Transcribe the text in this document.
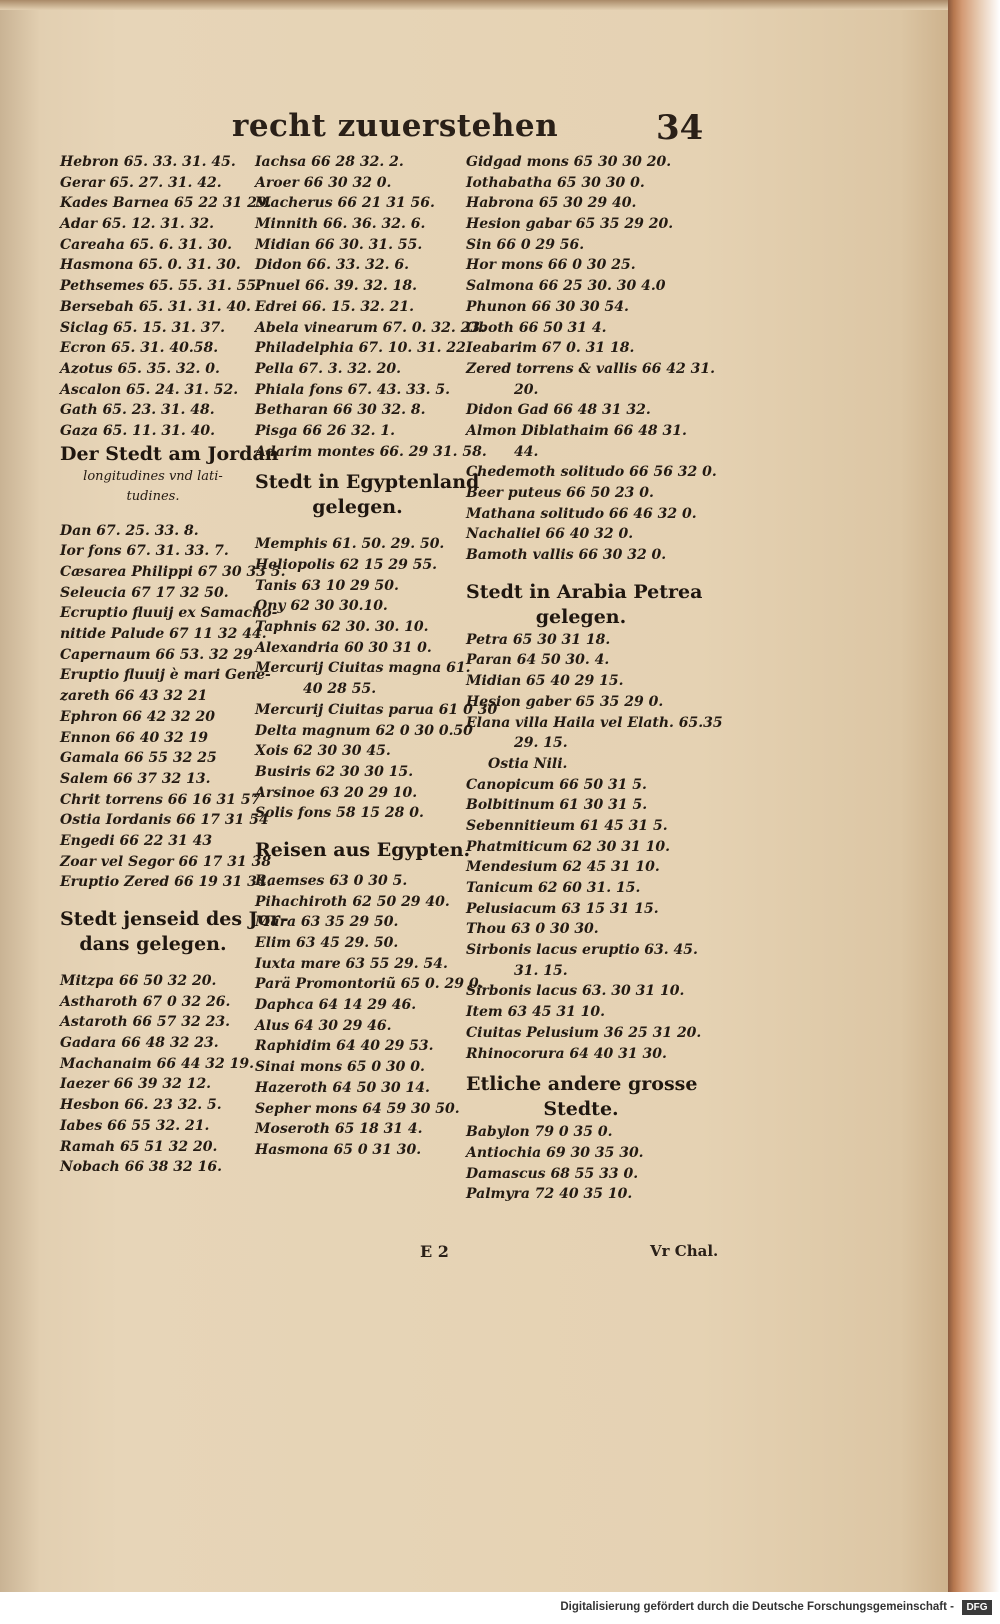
recht zuuerstehen	34
Hebron 65. 33. 31. 45.
Gerar 65. 27. 31. 42.
Kades Barnea 65 22 31 29.
Adar 65. 12. 31. 32.
Careaha 65. 6. 31. 30.
Hasmona 65. 0. 31. 30.
Pethsemes 65. 55. 31. 55.
Bersebah 65. 31. 31. 40.
Siclag 65. 15. 31. 37.
Ecron 65. 31. 40.58.
Azotus 65. 35. 32. 0.
Ascalon 65. 24. 31. 52.
Gath 65. 23. 31. 48.
Gaza 65. 11. 31. 40.
Der Stedt am Jordan
longitudines vnd lati-
tudines.
Dan 67. 25. 33. 8.
Ior fons 67. 31. 33. 7.
Cæsarea Philippi 67 30 33 5.
Seleucia 67 17 32 50.
Ecruptio fluuij ex Samacho-
nitide Palude 67 11 32 44.
Capernaum 66 53. 32 29
Eruptio fluuij è mari Gene-
zareth 66 43 32 21
Ephron 66 42 32 20
Ennon 66 40 32 19
Gamala 66 55 32 25
Salem 66 37 32 13.
Chrit torrens 66 16 31 57
Ostia Iordanis 66 17 31 54
Engedi 66 22 31 43
Zoar vel Segor 66 17 31 38
Eruptio Zered 66 19 31 34.
Stedt jenseid des Jor-
dans gelegen.
Mitzpa 66 50 32 20.
Astharoth 67 0 32 26.
Astaroth 66 57 32 23.
Gadara 66 48 32 23.
Machanaim 66 44 32 19.
Iaezer 66 39 32 12.
Hesbon 66. 23 32. 5.
Iabes 66 55 32. 21.
Ramah 65 51 32 20.
Nobach 66 38 32 16.
Iachsa 66 28 32. 2.
Aroer 66 30 32 0.
Macherus 66 21 31 56.
Minnith 66. 36. 32. 6.
Midian 66 30. 31. 55.
Didon 66. 33. 32. 6.
Pnuel 66. 39. 32. 18.
Edrei 66. 15. 32. 21.
Abela vinearum 67. 0. 32. 23.
Philadelphia 67. 10. 31. 22.
Pella 67. 3. 32. 20.
Phiala fons 67. 43. 33. 5.
Betharan 66 30 32. 8.
Pisga 66 26 32. 1.
Adarim montes 66. 29 31. 58.
Stedt in Egyptenland
gelegen.
Memphis 61. 50. 29. 50.
Heliopolis 62 15 29 55.
Tanis 63 10 29 50.
Ony 62 30 30.10.
Taphnis 62 30. 30. 10.
Alexandria 60 30 31 0.
Mercurij Ciuitas magna 61.
40 28 55.
Mercurij Ciuitas parua 61 0 30
Delta magnum 62 0 30 0.50
Xois 62 30 30 45.
Busiris 62 30 30 15.
Arsinoe 63 20 29 10.
Solis fons 58 15 28 0.
Reisen aus Egypten.
Raemses 63 0 30 5.
Pihachiroth 62 50 29 40.
Mara 63 35 29 50.
Elim 63 45 29. 50.
Iuxta mare 63 55 29. 54.
Parä Promontoriũ 65 0. 29 0.
Daphca 64 14 29 46.
Alus 64 30 29 46.
Raphidim 64 40 29 53.
Sinai mons 65 0 30 0.
Hazeroth 64 50 30 14.
Sepher mons 64 59 30 50.
Moseroth 65 18 31 4.
Hasmona 65 0 31 30.
Gidgad mons 65 30 30 20.
Iothabatha 65 30 30 0.
Habrona 65 30 29 40.
Hesion gabar 65 35 29 20.
Sin 66 0 29 56.
Hor mons 66 0 30 25.
Salmona 66 25 30. 30 4.0
Phunon 66 30 30 54.
Oboth 66 50 31 4.
Ieabarim 67 0. 31 18.
Zered torrens & vallis 66 42 31.
20.
Didon Gad 66 48 31 32.
Almon Diblathaim 66 48 31.
44.
Chedemoth solitudo 66 56 32 0.
Beer puteus 66 50 23 0.
Mathana solitudo 66 46 32 0.
Nachaliel 66 40 32 0.
Bamoth vallis 66 30 32 0.
Stedt in Arabia Petrea
gelegen.
Petra 65 30 31 18.
Paran 64 50 30. 4.
Midian 65 40 29 15.
Hesion gaber 65 35 29 0.
Elana villa Haila vel Elath. 65.35
29. 15.
Ostia Nili.
Canopicum 66 50 31 5.
Bolbitinum 61 30 31 5.
Sebennitieum 61 45 31 5.
Phatmiticum 62 30 31 10.
Mendesium 62 45 31 10.
Tanicum 62 60 31. 15.
Pelusiacum 63 15 31 15.
Thou 63 0 30 30.
Sirbonis lacus eruptio 63. 45.
31. 15.
Sirbonis lacus 63. 30 31 10.
Item 63 45 31 10.
Ciuitas Pelusium 36 25 31 20.
Rhinocorura 64 40 31 30.
Etliche andere grosse
Stedte.
Babylon 79 0 35 0.
Antiochia 69 30 35 30.
Damascus 68 55 33 0.
Palmyra 72 40 35 10.
E 2	Vr Chal.
Digitalisierung gefördert durch die Deutsche Forschungsgemeinschaft -	DFG
